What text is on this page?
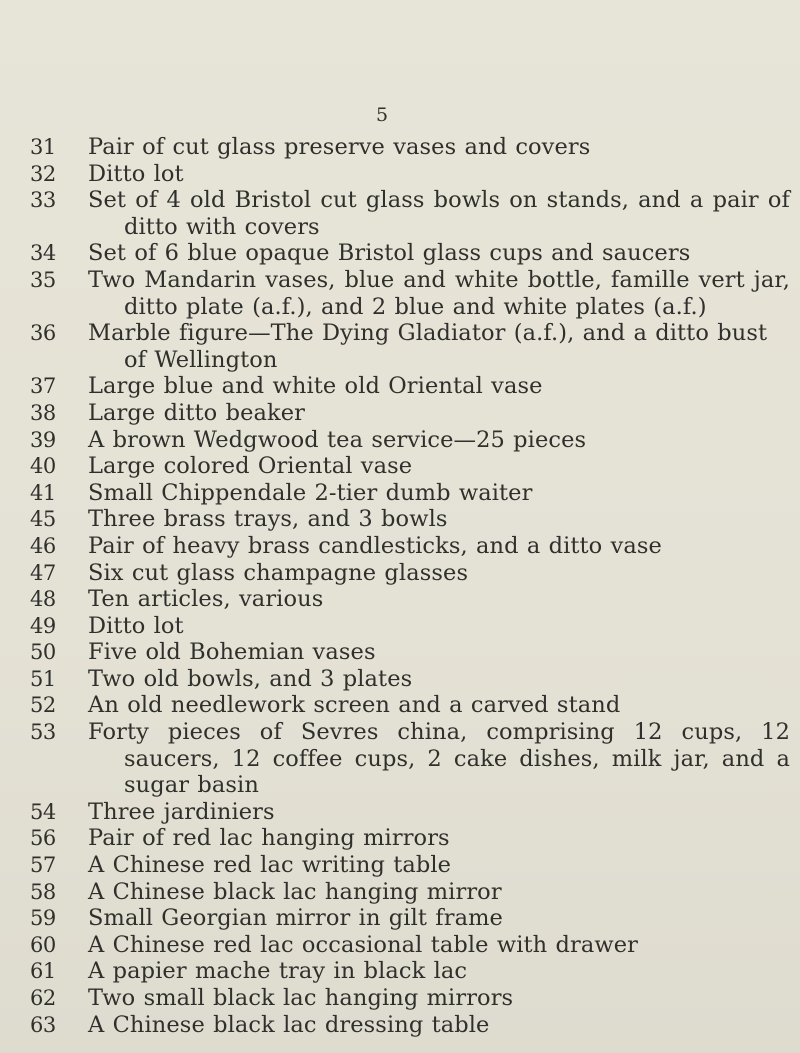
5
31	Pair of cut glass preserve vases and covers
32	Ditto lot
33	Set of 4 old Bristol cut glass bowls on stands, and a pair of ditto with covers
34	Set of 6 blue opaque Bristol glass cups and saucers
35	Two Mandarin vases, blue and white bottle, famille vert jar, ditto plate (a.f.), and 2 blue and white plates (a.f.)
36	Marble figure—The Dying Gladiator (a.f.), and a ditto bust of Wellington
37	Large blue and white old Oriental vase
38	Large ditto beaker
39	A brown Wedgwood tea service—25 pieces
40	Large colored Oriental vase
41	Small Chippendale 2-tier dumb waiter
45	Three brass trays, and 3 bowls
46	Pair of heavy brass candlesticks, and a ditto vase
47	Six cut glass champagne glasses
48	Ten articles, various
49	Ditto lot
50	Five old Bohemian vases
51	Two old bowls, and 3 plates
52	An old needlework screen and a carved stand
53	Forty pieces of Sevres china, comprising 12 cups, 12 saucers, 12 coffee cups, 2 cake dishes, milk jar, and a sugar basin
54	Three jardiniers
56	Pair of red lac hanging mirrors
57	A Chinese red lac writing table
58	A Chinese black lac hanging mirror
59	Small Georgian mirror in gilt frame
60	A Chinese red lac occasional table with drawer
61	A papier mache tray in black lac
62	Two small black lac hanging mirrors
63	A Chinese black lac dressing table
